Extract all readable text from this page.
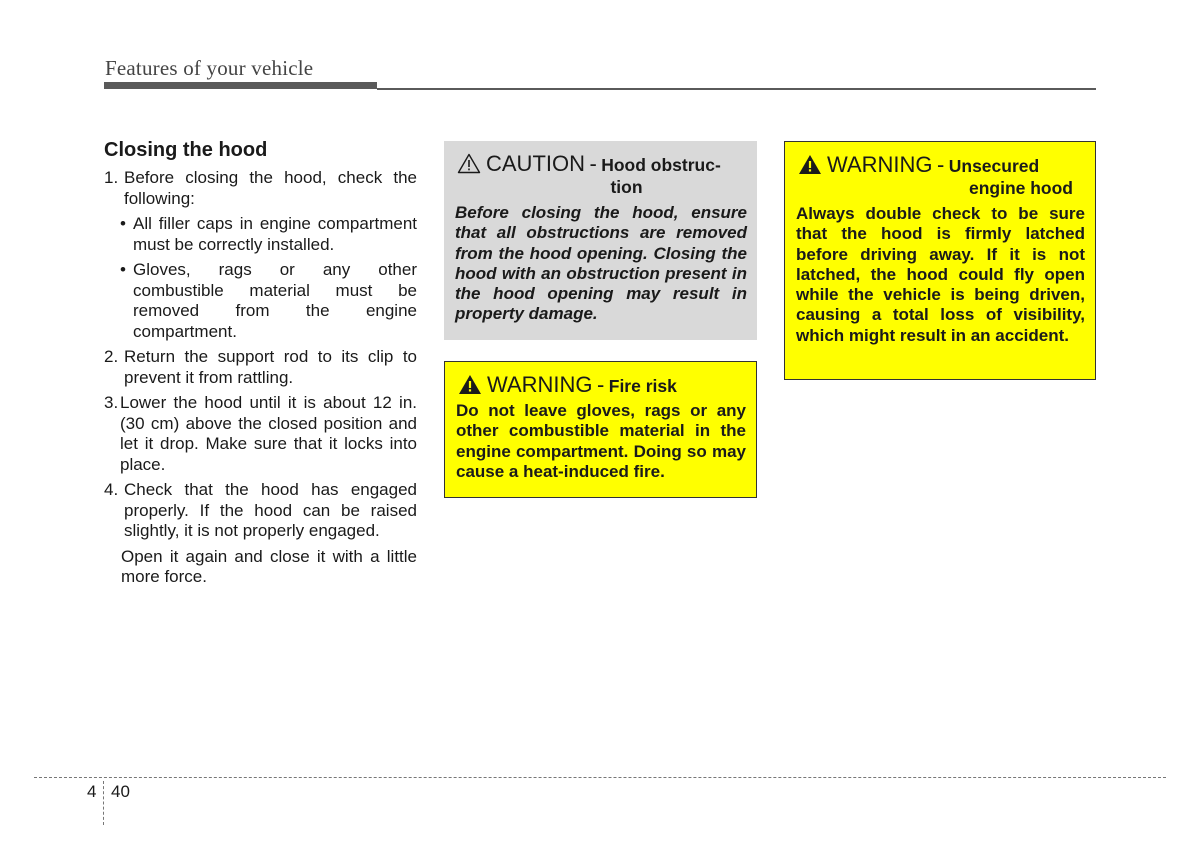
Features of your vehicle
Closing the hood
1. Before closing the hood, check the following:
• All filler caps in engine compartment must be correctly installed.
• Gloves, rags or any other combustible material must be removed from the engine compartment.
2. Return the support rod to its clip to prevent it from rattling.
3. Lower the hood until it is about 12 in. (30 cm) above the closed position and let it drop. Make sure that it locks into place.
4. Check that the hood has engaged properly. If the hood can be raised slightly, it is not properly engaged.

Open it again and close it with a little more force.

CAUTION - Hood obstruc-
tion

Before closing the hood, ensure that all obstructions are removed from the hood opening. Closing the hood with an obstruction present in the hood opening may result in property damage.

WARNING - Fire risk

Do not leave gloves, rags or any other combustible material in the engine compartment. Doing so may cause a heat-induced fire.

WARNING - Unsecured
engine hood

Always double check to be sure that the hood is firmly latched before driving away. If it is not latched, the hood could fly open while the vehicle is being driven, causing a total loss of visibility, which might result in an accident.

4 40
